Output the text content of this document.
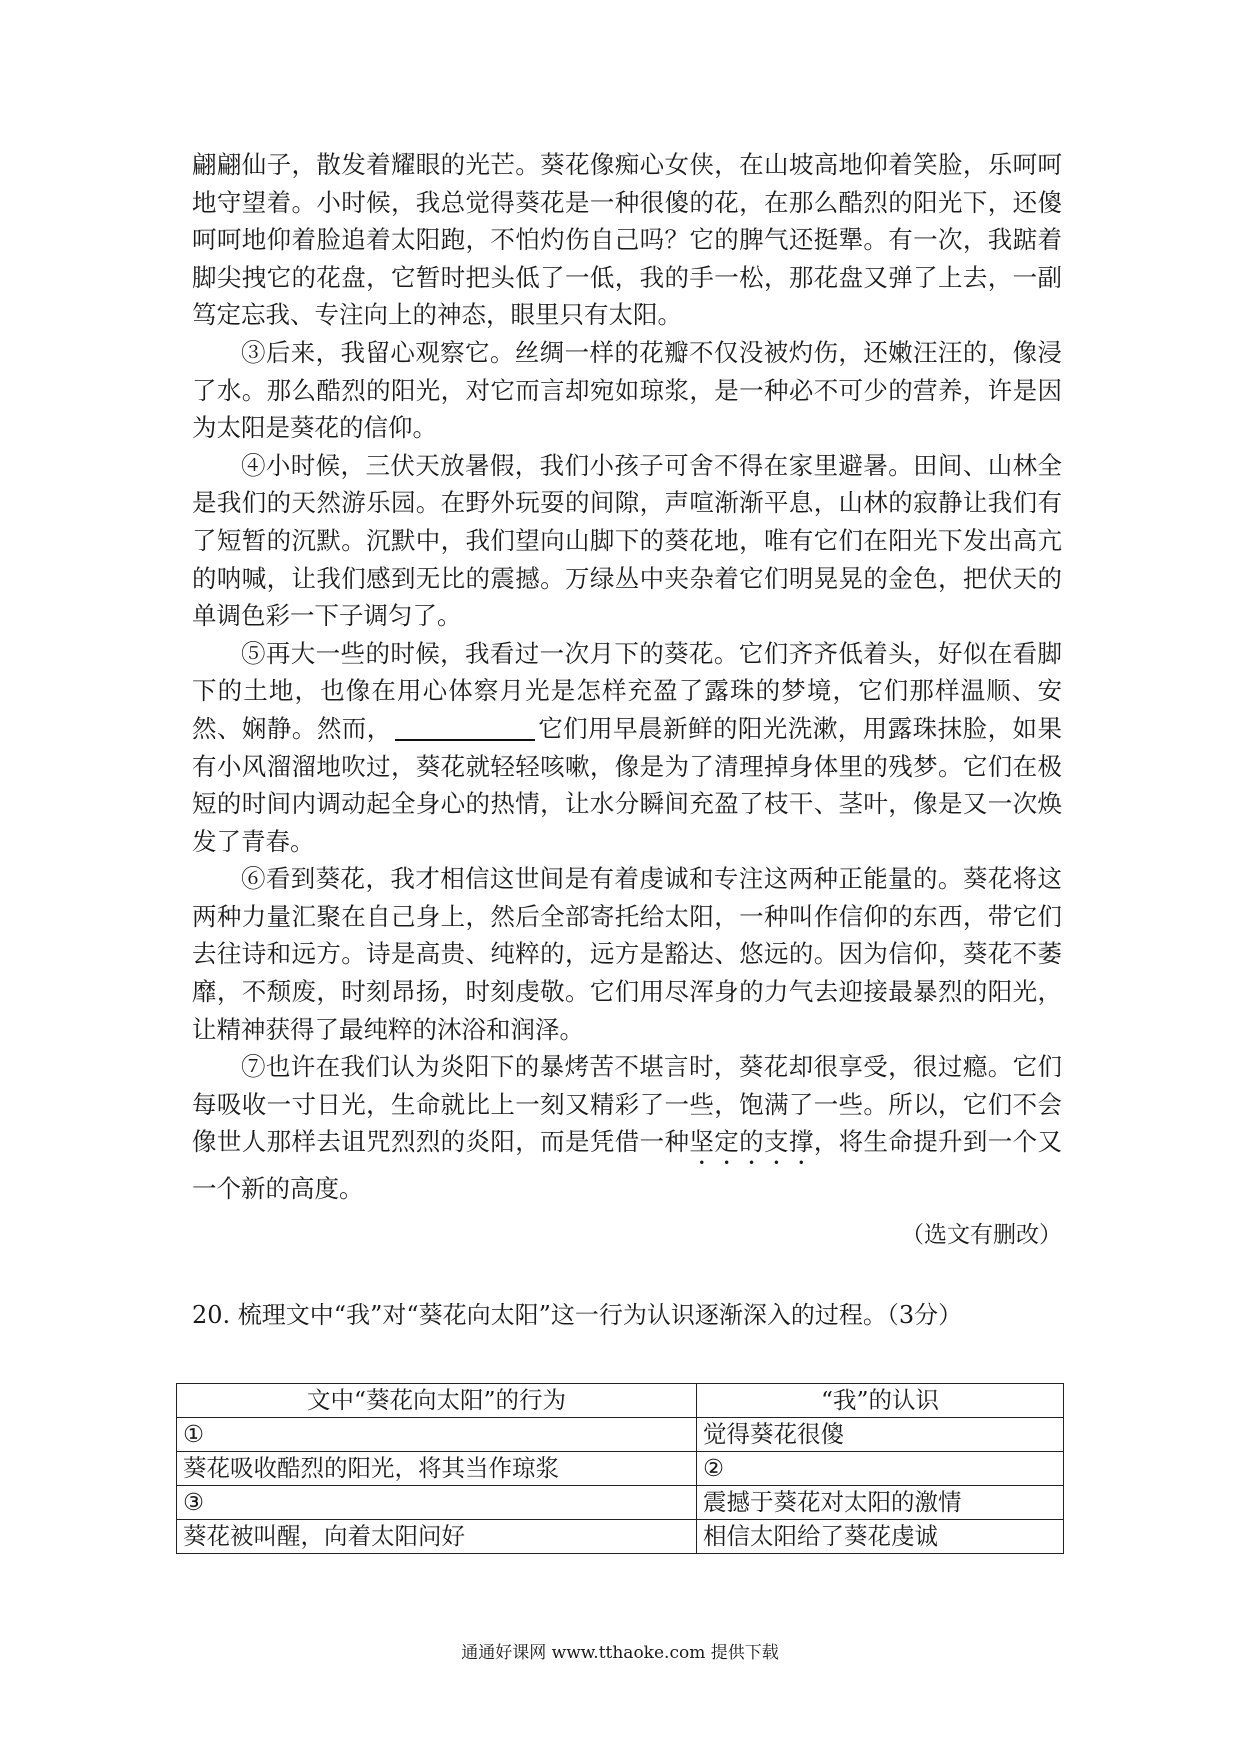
翩翩仙子，散发着耀眼的光芒。葵花像痴心女侠，在山坡高地仰着笑脸，乐呵呵地守望着。小时候，我总觉得葵花是一种很傻的花，在那么酷烈的阳光下，还傻呵呵地仰着脸追着太阳跑，不怕灼伤自己吗？它的脾气还挺犟。有一次，我踮着脚尖拽它的花盘，它暂时把头低了一低，我的手一松，那花盘又弹了上去，一副笃定忘我、专注向上的神态，眼里只有太阳。

③后来，我留心观察它。丝绸一样的花瓣不仅没被灼伤，还嫩汪汪的，像浸了水。那么酷烈的阳光，对它而言却宛如琼浆，是一种必不可少的营养，许是因为太阳是葵花的信仰。

④小时候，三伏天放暑假，我们小孩子可舍不得在家里避暑。田间、山林全是我们的天然游乐园。在野外玩耍的间隙，声喧渐渐平息，山林的寂静让我们有了短暂的沉默。沉默中，我们望向山脚下的葵花地，唯有它们在阳光下发出高亢的呐喊，让我们感到无比的震撼。万绿丛中夹杂着它们明晃晃的金色，把伏天的单调色彩一下子调匀了。

⑤再大一些的时候，我看过一次月下的葵花。它们齐齐低着头，好似在看脚下的土地，也像在用心体察月光是怎样充盈了露珠的梦境，它们那样温顺、安然、娴静。然而，	它们用早晨新鲜的阳光洗漱，用露珠抹脸，如果有小风溜溜地吹过，葵花就轻轻咳嗽，像是为了清理掉身体里的残梦。它们在极短的时间内调动起全身心的热情，让水分瞬间充盈了枝干、茎叶，像是又一次焕发了青春。

⑥看到葵花，我才相信这世间是有着虔诚和专注这两种正能量的。葵花将这两种力量汇聚在自己身上，然后全部寄托给太阳，一种叫作信仰的东西，带它们去往诗和远方。诗是高贵、纯粹的，远方是豁达、悠远的。因为信仰，葵花不萎靡，不颓废，时刻昂扬，时刻虔敬。它们用尽浑身的力气去迎接最暴烈的阳光，让精神获得了最纯粹的沐浴和润泽。

⑦也许在我们认为炎阳下的暴烤苦不堪言时，葵花却很享受，很过瘾。它们每吸收一寸日光，生命就比上一刻又精彩了一些，饱满了一些。所以，它们不会像世人那样去诅咒烈烈的炎阳，而是凭借一种坚定的支撑，将生命提升到一个又一个新的高度。

（选文有删改）
20. 梳理文中“我”对“葵花向太阳”这一行为认识逐渐深入的过程。（3分）
文中“葵花向太阳”的行为	“我”的认识
①	觉得葵花很傻
葵花吸收酷烈的阳光，将其当作琼浆	②
③	震撼于葵花对太阳的激情
葵花被叫醒，向着太阳问好	相信太阳给了葵花虔诚
通通好课网 www.tthaoke.com 提供下载
